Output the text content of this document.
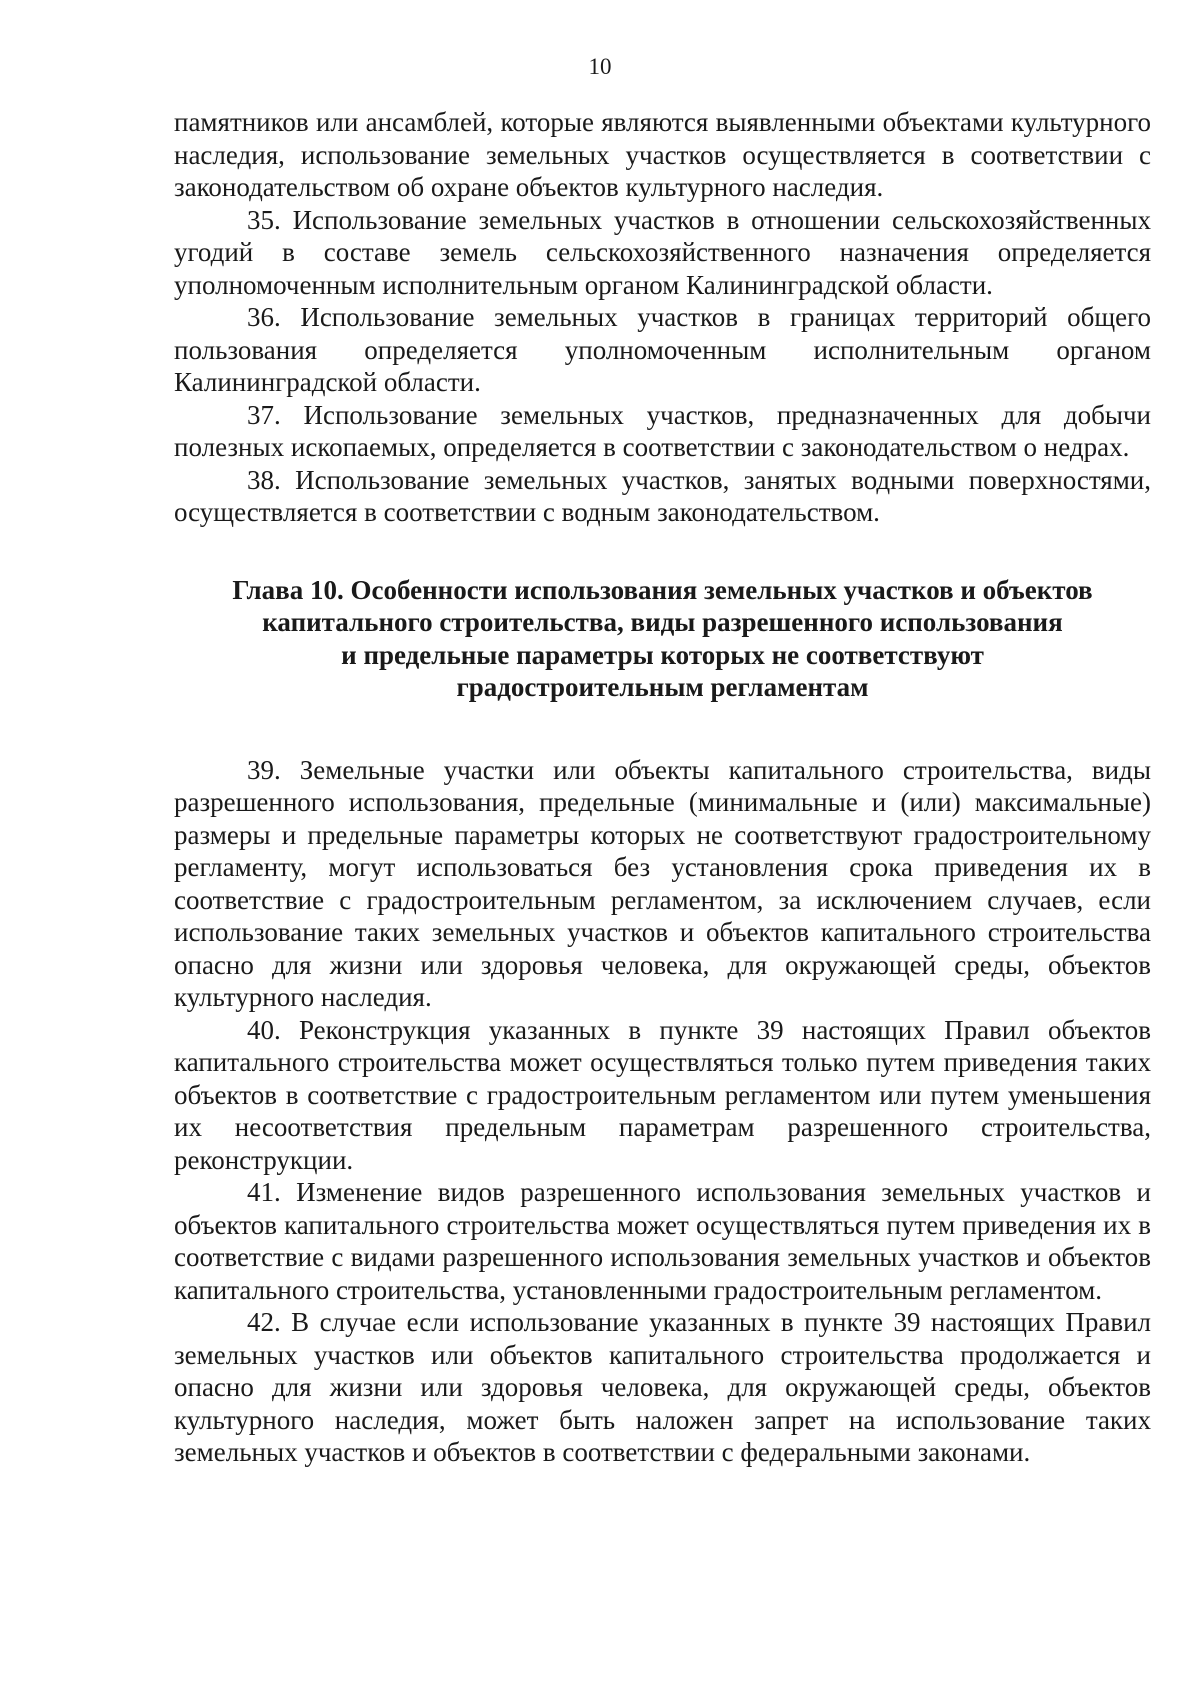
10

памятников или ансамблей, которые являются выявленными объектами культурного наследия, использование земельных участков осуществляется в соответствии с законодательством об охране объектов культурного наследия.

35. Использование земельных участков в отношении сельскохозяйственных угодий в составе земель сельскохозяйственного назначения определяется уполномоченным исполнительным органом Калининградской области.

36. Использование земельных участков в границах территорий общего пользования определяется уполномоченным исполнительным органом Калининградской области.

37. Использование земельных участков, предназначенных для добычи полезных ископаемых, определяется в соответствии с законодательством о недрах.

38. Использование земельных участков, занятых водными поверхностями, осуществляется в соответствии с водным законодательством.

Глава 10. Особенности использования земельных участков и объектов
капитального строительства, виды разрешенного использования
и предельные параметры которых не соответствуют
градостроительным регламентам

39. Земельные участки или объекты капитального строительства, виды разрешенного использования, предельные (минимальные и (или) максимальные) размеры и предельные параметры которых не соответствуют градостроительному регламенту, могут использоваться без установления срока приведения их в соответствие с градостроительным регламентом, за исключением случаев, если использование таких земельных участков и объектов капитального строительства опасно для жизни или здоровья человека, для окружающей среды, объектов культурного наследия.

40. Реконструкция указанных в пункте 39 настоящих Правил объектов капитального строительства может осуществляться только путем приведения таких объектов в соответствие с градостроительным регламентом или путем уменьшения их несоответствия предельным параметрам разрешенного строительства, реконструкции.

41. Изменение видов разрешенного использования земельных участков и объектов капитального строительства может осуществляться путем приведения их в соответствие с видами разрешенного использования земельных участков и объектов капитального строительства, установленными градостроительным регламентом.

42. В случае если использование указанных в пункте 39 настоящих Правил земельных участков или объектов капитального строительства продолжается и опасно для жизни или здоровья человека, для окружающей среды, объектов культурного наследия, может быть наложен запрет на использование таких земельных участков и объектов в соответствии с федеральными законами.
